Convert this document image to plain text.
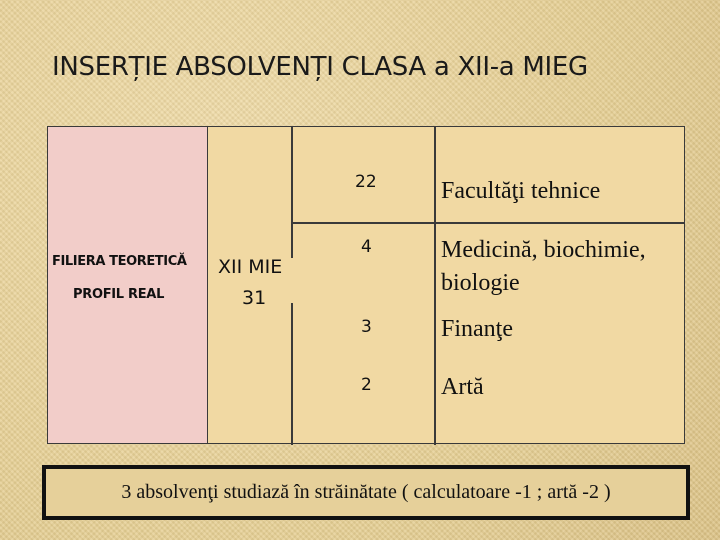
INSERȚIE ABSOLVENȚI CLASA a XII-a MIEG
FILIERA TEORETICĂ
PROFIL REAL
XII MIE
31
22
4
3
2
Facultăţi tehnice
Medicină, biochimie, biologie
Finanţe
Artă
3 absolvenţi studiază în străinătate ( calculatoare -1 ; artă -2 )
